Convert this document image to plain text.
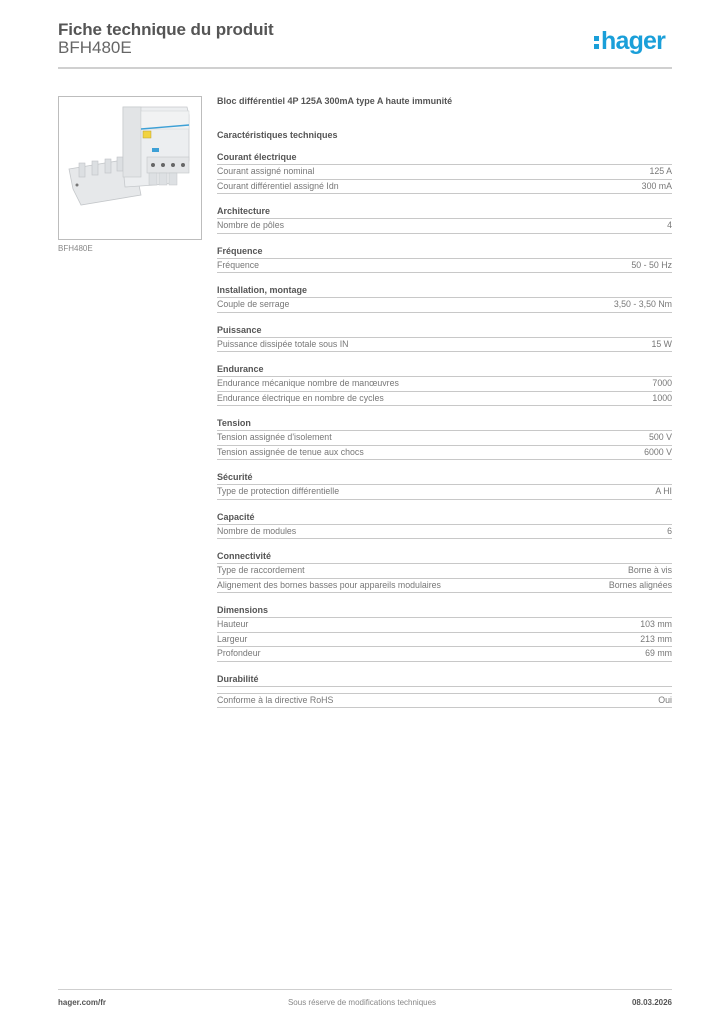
Fiche technique du produit
BFH480E	hager
BFH480E
Bloc différentiel 4P 125A 300mA type A haute immunité
Caractéristiques techniques
Courant électrique
Courant assigné nominal	125 A
Courant différentiel assigné Idn	300 mA
Architecture
Nombre de pôles	4
Fréquence
Fréquence	50 - 50 Hz
Installation, montage
Couple de serrage	3,50 - 3,50 Nm
Puissance
Puissance dissipée totale sous IN	15 W
Endurance
Endurance mécanique nombre de manœuvres	7000
Endurance électrique en nombre de cycles	1000
Tension
Tension assignée d'isolement	500 V
Tension assignée de tenue aux chocs	6000 V
Sécurité
Type de protection différentielle	A HI
Capacité
Nombre de modules	6
Connectivité
Type de raccordement	Borne à vis
Alignement des bornes basses pour appareils modulaires	Bornes alignées
Dimensions
Hauteur	103 mm
Largeur	213 mm
Profondeur	69 mm
Durabilité
Conforme à la directive RoHS	Oui
hager.com/fr	Sous réserve de modifications techniques	08.03.2026
